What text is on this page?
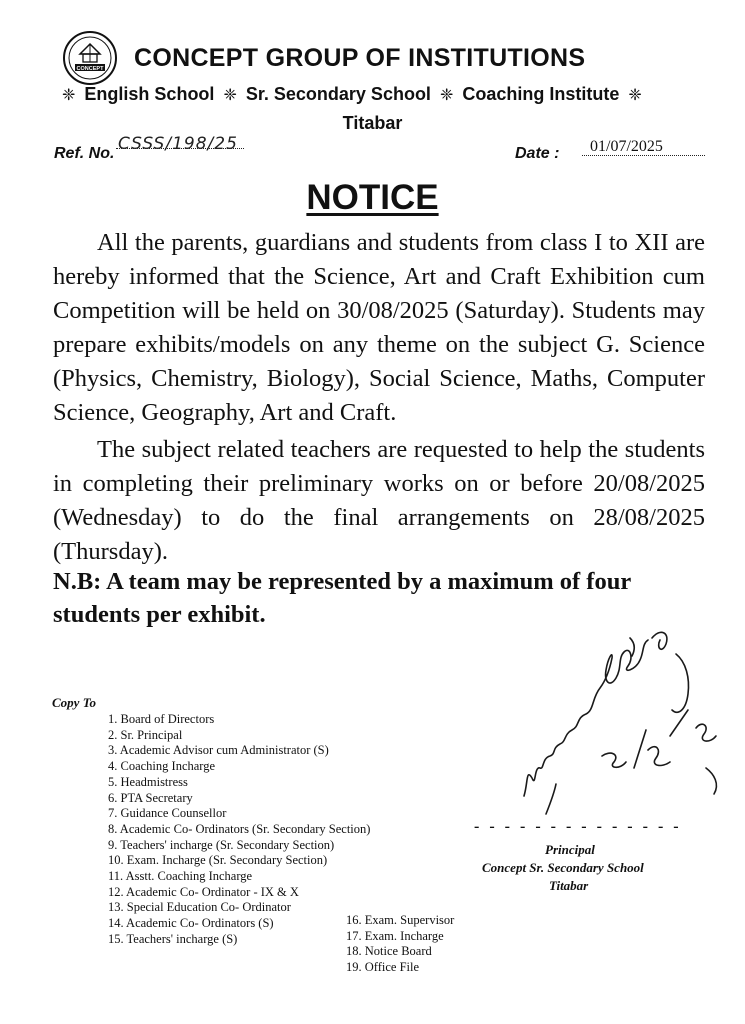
CONCEPT CONCEPT GROUP OF INSTITUTIONS
❈ English School ❈ Sr. Secondary School ❈ Coaching Institute ❈
Titabar
Ref. No. CSSS/198/25	Date : 01/07/2025
NOTICE

All the parents, guardians and students from class I to XII are hereby informed that the Science, Art and Craft Exhibition cum Competition will be held on 30/08/2025 (Saturday). Students may prepare exhibits/models on any theme on the subject G. Science (Physics, Chemistry, Biology), Social Science, Maths, Computer Science, Geography, Art and Craft.

The subject related teachers are requested to help the students in completing their preliminary works on or before 20/08/2025 (Wednesday) to do the final arrangements on 28/08/2025 (Thursday).

N.B: A team may be represented by a maximum of four students per exhibit.

Copy To
1. Board of Directors
2. Sr. Principal
3. Academic Advisor cum Administrator (S)
4. Coaching Incharge
5. Headmistress
6. PTA Secretary
7. Guidance Counsellor
8. Academic Co- Ordinators (Sr. Secondary Section)
9. Teachers' incharge (Sr. Secondary Section)
10. Exam. Incharge (Sr. Secondary Section)
11. Asstt. Coaching Incharge
12. Academic Co- Ordinator - IX & X
13. Special Education Co- Ordinator
14. Academic Co- Ordinators (S)
15. Teachers' incharge (S)
16. Exam. Supervisor
17. Exam. Incharge
18. Notice Board
19. Office File
- - - - - - - - - - - - - -
Principal
Concept Sr. Secondary School
Titabar
